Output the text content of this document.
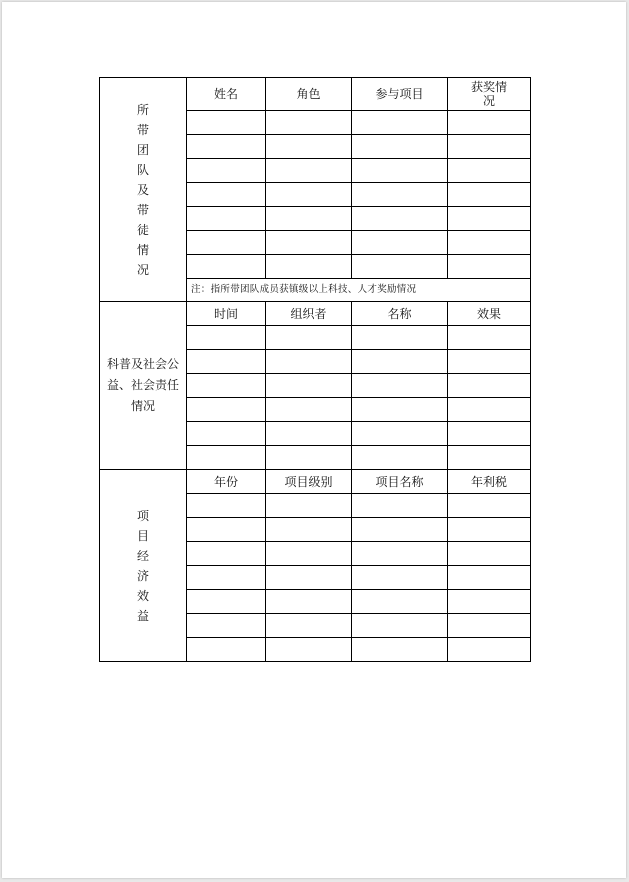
所带团队及带徒情况	姓名	角色	参与项目	获奖情况

	注：指所带团队成员获镇级以上科技、人才奖励情况			
科普及社会公益、社会责任情况	时间	组织者	名称	效果

项目经济效益	年份	项目级别	项目名称	年利税
